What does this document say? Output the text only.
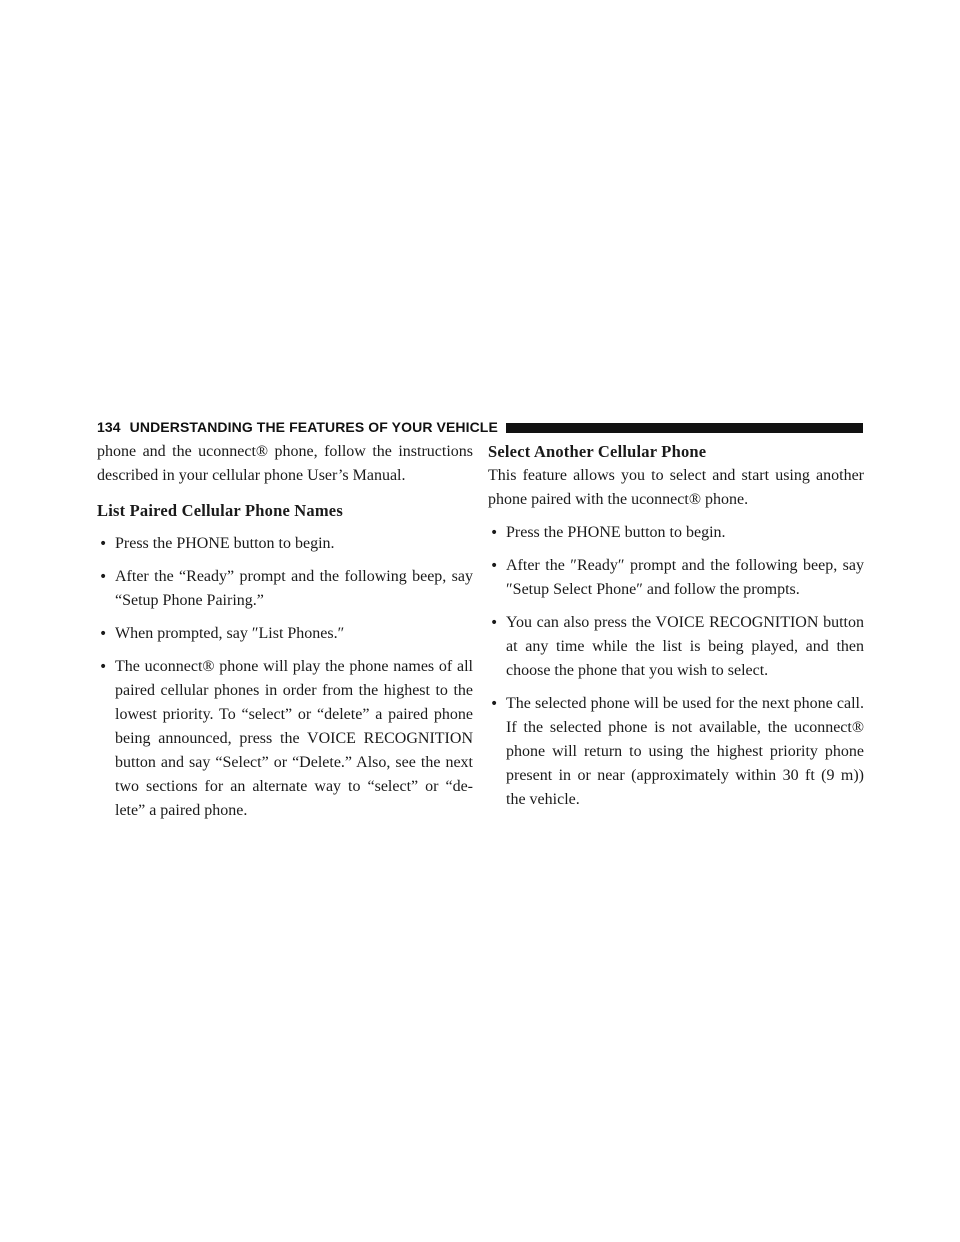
134 UNDERSTANDING THE FEATURES OF YOUR VEHICLE

phone and the uconnect® phone, follow the instructions described in your cellular phone User’s Manual.

List Paired Cellular Phone Names
• Press the PHONE button to begin.
• After the “Ready” prompt and the following beep, say “Setup Phone Pairing.”
• When prompted, say ″List Phones.″
• The uconnect® phone will play the phone names of all paired cellular phones in order from the highest to the lowest priority. To “select” or “delete” a paired phone being announced, press the VOICE RECOGNITION button and say “Select” or “Delete.” Also, see the next two sections for an alternate way to “select” or “de-lete” a paired phone.
Select Another Cellular Phone

This feature allows you to select and start using another phone paired with the uconnect® phone.

• Press the PHONE button to begin.
• After the ″Ready″ prompt and the following beep, say ″Setup Select Phone″ and follow the prompts.
• You can also press the VOICE RECOGNITION button at any time while the list is being played, and then choose the phone that you wish to select.
• The selected phone will be used for the next phone call. If the selected phone is not available, the uconnect® phone will return to using the highest priority phone present in or near (approximately within 30 ft (9 m)) the vehicle.
